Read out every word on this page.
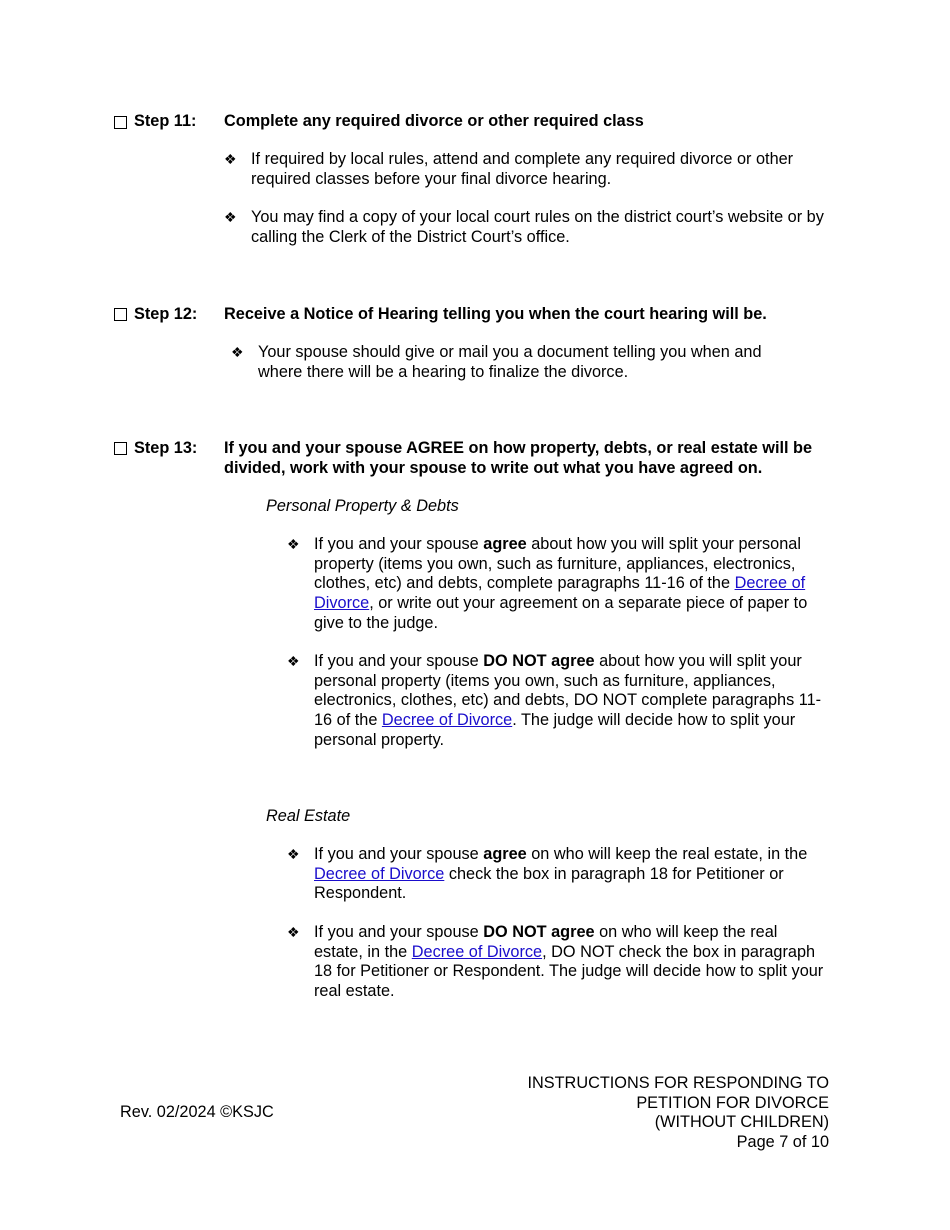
Step 11: Complete any required divorce or other required class
❖ If required by local rules, attend and complete any required divorce or other required classes before your final divorce hearing.
❖ You may find a copy of your local court rules on the district court’s website or by calling the Clerk of the District Court’s office.
Step 12: Receive a Notice of Hearing telling you when the court hearing will be.
❖ Your spouse should give or mail you a document telling you when and where there will be a hearing to finalize the divorce.
Step 13: If you and your spouse AGREE on how property, debts, or real estate will be divided, work with your spouse to write out what you have agreed on.
Personal Property & Debts
❖ If you and your spouse agree about how you will split your personal property (items you own, such as furniture, appliances, electronics, clothes, etc) and debts, complete paragraphs 11-16 of the Decree of Divorce, or write out your agreement on a separate piece of paper to give to the judge.
❖ If you and your spouse DO NOT agree about how you will split your personal property (items you own, such as furniture, appliances, electronics, clothes, etc) and debts, DO NOT complete paragraphs 11-16 of the Decree of Divorce. The judge will decide how to split your personal property.
Real Estate
❖ If you and your spouse agree on who will keep the real estate, in the Decree of Divorce check the box in paragraph 18 for Petitioner or Respondent.
❖ If you and your spouse DO NOT agree on who will keep the real estate, in the Decree of Divorce, DO NOT check the box in paragraph 18 for Petitioner or Respondent. The judge will decide how to split your real estate.
Rev. 02/2024 ©KSJC
INSTRUCTIONS FOR RESPONDING TO
PETITION FOR DIVORCE
(WITHOUT CHILDREN)
Page 7 of 10
